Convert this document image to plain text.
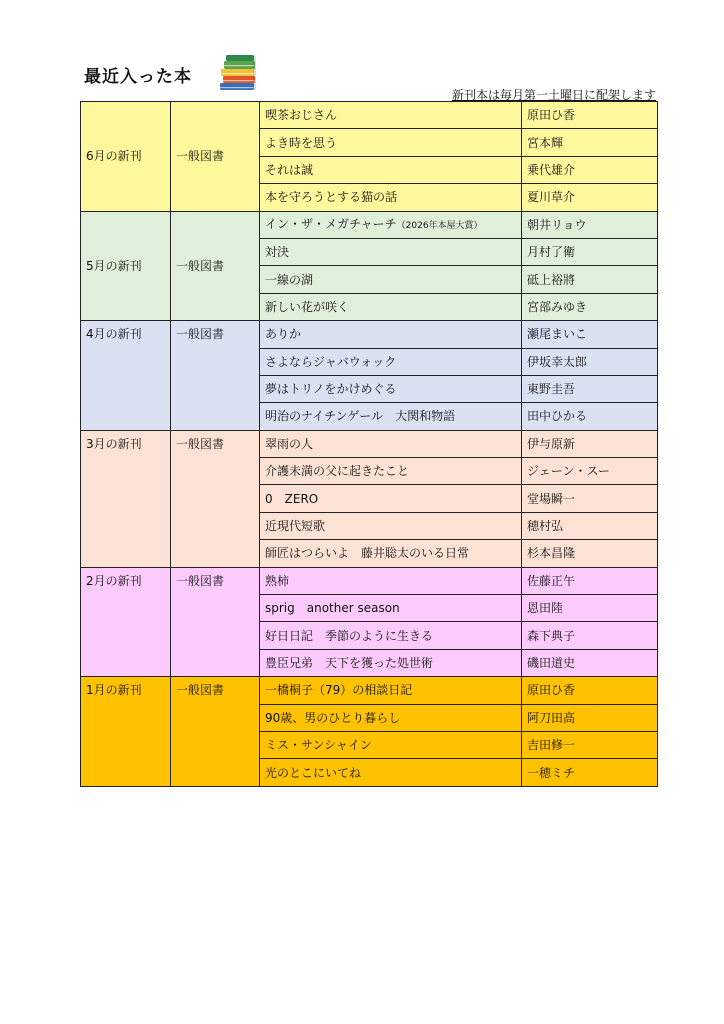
最近入った本
新刊本は毎月第一土曜日に配架します
6月の新刊	一般図書	喫茶おじさん	原田ひ香
		よき時を思う	宮本輝
		それは誠	乗代雄介
		本を守ろうとする猫の話	夏川草介
5月の新刊	一般図書	イン・ザ・メガチャーチ（2026年本屋大賞）	朝井リョウ
		対決	月村了衛
		一線の湖	砥上裕將
		新しい花が咲く	宮部みゆき
4月の新刊	一般図書	ありか	瀬尾まいこ
		さよならジャバウォック	伊坂幸太郎
		夢はトリノをかけめぐる	東野圭吾
		明治のナイチンゲール　大関和物語	田中ひかる
3月の新刊	一般図書	翠雨の人	伊与原新
		介護未満の父に起きたこと	ジェーン・スー
		0　ZERO	堂場瞬一
		近現代短歌	穂村弘
		師匠はつらいよ　藤井聡太のいる日常	杉本昌隆
2月の新刊	一般図書	熟柿	佐藤正午
		sprig　another season	恩田陸
		好日日記　季節のように生きる	森下典子
		豊臣兄弟　天下を獲った処世術	磯田道史
1月の新刊	一般図書	一橋桐子（79）の相談日記	原田ひ香
		90歳、男のひとり暮らし	阿刀田高
		ミス・サンシャイン	吉田修一
		光のとこにいてね	一穂ミチ
